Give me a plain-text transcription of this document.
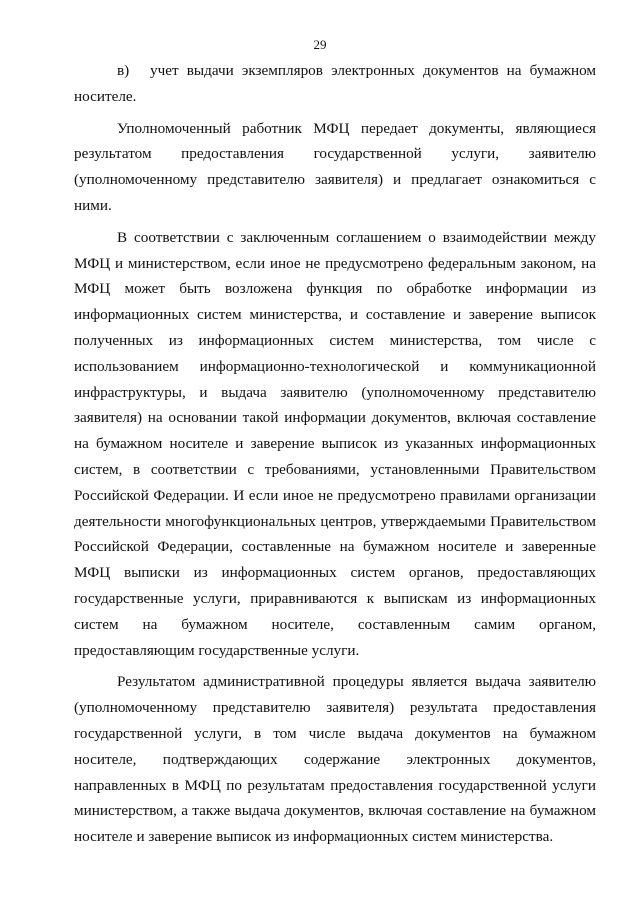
29

в) учет выдачи экземпляров электронных документов на бумажном носителе.

Уполномоченный работник МФЦ передает документы, являющиеся результатом предоставления государственной услуги, заявителю (уполномоченному представителю заявителя) и предлагает ознакомиться с ними.

В соответствии с заключенным соглашением о взаимодействии между МФЦ и министерством, если иное не предусмотрено федеральным законом, на МФЦ может быть возложена функция по обработке информации из информационных систем министерства, и составление и заверение выписок полученных из информационных систем министерства, том числе с использованием информационно-технологической и коммуникационной инфраструктуры, и выдача заявителю (уполномоченному представителю заявителя) на основании такой информации документов, включая составление на бумажном носителе и заверение выписок из указанных информационных систем, в соответствии с требованиями, установленными Правительством Российской Федерации. И если иное не предусмотрено правилами организации деятельности многофункциональных центров, утверждаемыми Правительством Российской Федерации, составленные на бумажном носителе и заверенные МФЦ выписки из информационных систем органов, предоставляющих государственные услуги, приравниваются к выпискам из информационных систем на бумажном носителе, составленным самим органом, предоставляющим государственные услуги.

Результатом административной процедуры является выдача заявителю (уполномоченному представителю заявителя) результата предоставления государственной услуги, в том числе выдача документов на бумажном носителе, подтверждающих содержание электронных документов, направленных в МФЦ по результатам предоставления государственной услуги министерством, а также выдача документов, включая составление на бумажном носителе и заверение выписок из информационных систем министерства.
